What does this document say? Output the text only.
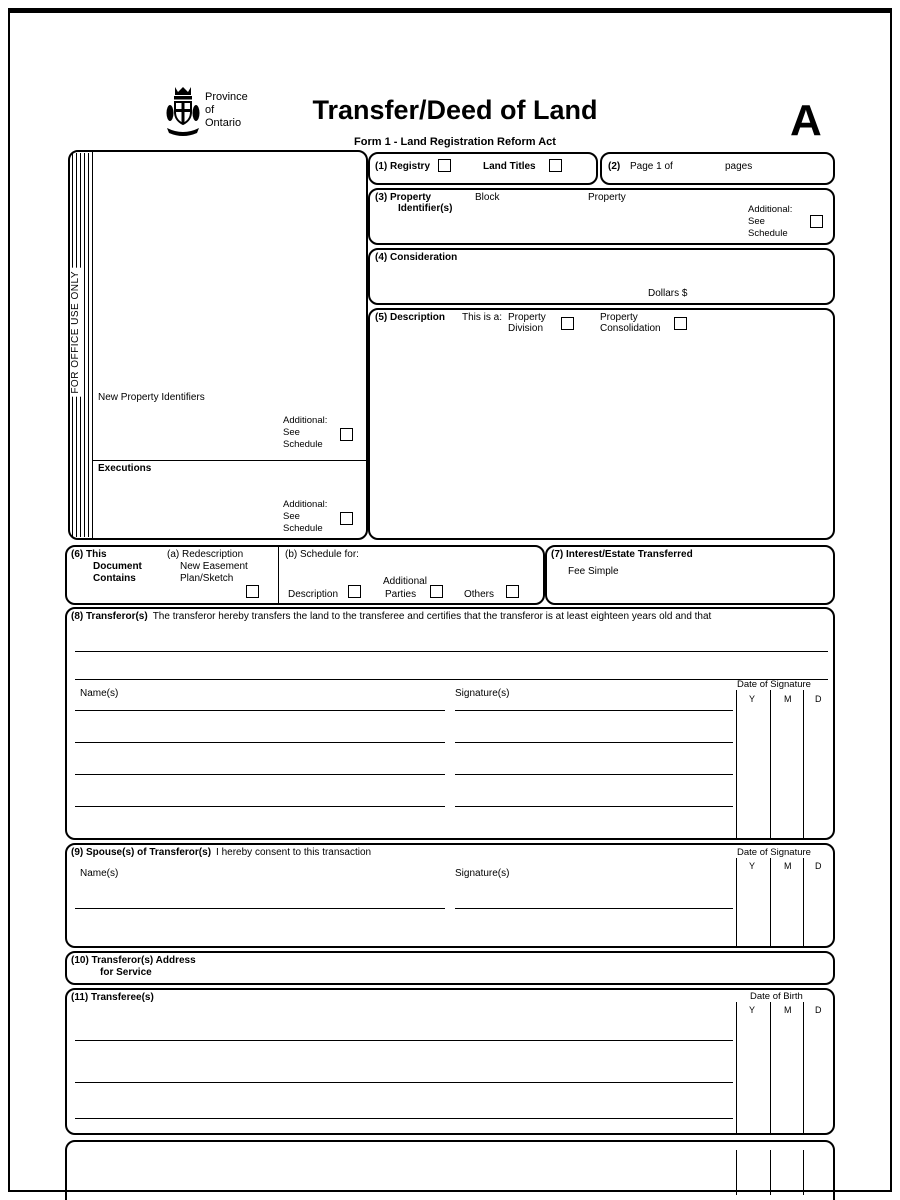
Province
of
Ontario	Transfer/Deed of Land
Form 1 - Land Registration Reform Act	A
FOR OFFICE USE ONLY
New Property Identifiers
Additional:
See
Schedule
Executions
Additional:
See
Schedule
(1) Registry	Land Titles	(2) Page 1 of	pages
(3) Property
Identifier(s)
Block	Property
Additional:
See
Schedule
(4) Consideration
Dollars $
(5) Description This is a: Property
Division
Property
Consolidation
(6) This
Document
Contains
(a) Redescription
New Easement
Plan/Sketch
(b) Schedule for:
Description
Additional
Parties	Others
(7) Interest/Estate Transferred
Fee Simple
(8) Transferor(s) The transferor hereby transfers the land to the transferee and certifies that the transferor is at least eighteen years old and that
Name(s)	Signature(s)
Date of Signature
Y	M	D
(9) Spouse(s) of Transferor(s) I hereby consent to this transaction	Date of Signature
Y	M	D
Name(s)	Signature(s)
(10) Transferor(s) Address
for Service
(11) Transferee(s)	Date of Birth
Y	M	D
